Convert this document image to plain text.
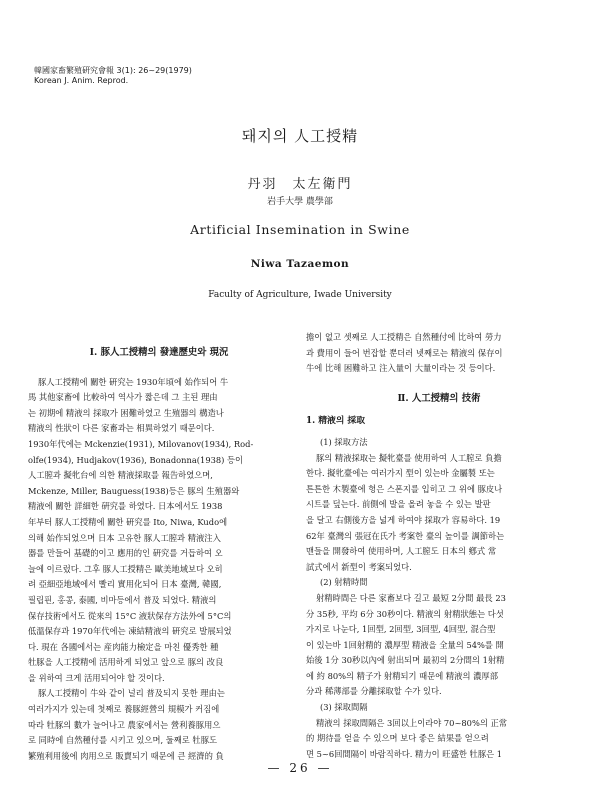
韓國家畜繁殖硏究會報 3(1): 26~29(1979)
Korean J. Anim. Reprod.
돼지의 人工授精
丹羽　太左衛門
岩手大學 農學部
Artificial Insemination in Swine
Niwa Tazaemon
Faculty of Agriculture, Iwade University

Ⅰ. 豚人工授精의 發達歷史와 現況

豚人工授精에 關한 硏究는 1930年頃에 始作되어 牛
馬 其他家畜에 比較하여 역사가 짧은데 그 主된 理由
는 初期에 精液의 採取가 困難하였고 生殖器의 構造나
精液의 性狀이 다른 家畜과는 相異하였기 때문이다.
1930年代에는 Mckenzie(1931), Milovanov(1934), Rod-
olfe(1934), Hudjakov(1936), Bonadonna(1938) 등이
人工膣과 擬牝台에 의한 精液採取를 報告하였으며,
Mckenze, Miller, Bauguess(1938)등은 豚의 生殖器와
精液에 關한 詳細한 硏究를 하였다. 日本에서도 1938
年부터 豚人工授精에 關한 硏究를 Ito, Niwa, Kudo에
의해 始作되었으며 日本 고유한 豚人工膣과 精液注入
器를 만들어 基礎的이고 應用的인 硏究를 거듭하여 오
늘에 이르렀다. 그후 豚人工授精은 歐美地域보다 오히
려 亞細亞地域에서 빨리 實用化되어 日本 臺灣, 韓國,
필립핀, 홍콩, 泰國, 비마등에서 普及 되었다. 精液의
保存技術에서도 從來의 15°C 液狀保存方法外에 5°C의
低溫保存과 1970年代에는 凍結精液의 硏究로 발展되었
다. 現在 各國에서는 産肉能力檢定을 마친 優秀한 種
牡豚을 人工授精에 活用하게 되었고 앞으로 豚의 改良
을 위하여 크게 活用되어야 할 것이다.
豚人工授精이 牛와 같이 널리 普及되지 못한 理由는
여러가지가 있는데 첫째로 養豚經營의 規模가 커짐에
따라 牡豚의 數가 늘어나고 農家에서는 營利養豚用으
로 同時에 自然種付를 시키고 있으며, 둘째로 牡豚도
繁殖利用後에 肉用으로 販賣되기 때문에 큰 經濟的 負
擔이 없고 셋째로 人工授精은 自然種付에 比하여 勞力
과 費用이 들어 번잡할 뿐더러 넷째로는 精液의 保存이
牛에 比해 困難하고 注入量이 大量이라는 것 등이다.

Ⅱ. 人工授精의 技術

1. 精液의 採取

(1) 採取方法

豚의 精液採取는 擬牝臺를 使用하여 人工膣로 負擔
한다. 擬牝臺에는 여러가지 型이 있는바 金屬製 또는
튼튼한 木製臺에 헝은 스폰지를 입히고 그 위에 豚皮나
시트를 덮는다. 前側에 발을 올려 놓을 수 있는 발판
을 달고 右側後方을 넓게 하여야 採取가 容易하다. 19
62年 臺灣의 張冠在氏가 考案한 臺의 높이를 調節하는
맨들을 開發하여 使用하며, 人工膣도 日本의 鄕式 常
試式에서 新型이 考案되었다.

(2) 射精時間

射精時間은 다른 家畜보다 길고 最短 2分間 最長 23
分 35秒, 平均 6分 30秒이다. 精液의 射精狀態는 다섯
가지로 나눈다, 1回型, 2回型, 3回型, 4回型, 混合型
이 있는바 1回射精的 濃厚型 精液을 全量의 54%를 開
始後 1分 30秒以內에 射出되며 最初의 2分間의 1射精
에 約 80%의 精子가 射精되기 때문에 精液의 濃厚部
分과 稀薄部를 分離採取할 수가 있다.

(3) 採取間隔

精液의 採取間隔은 3回以上이라야 70~80%의 正常
的 期待를 얻을 수 있으며 보다 좋은 結果를 얻으려
면 5~6回間隔이 바람직하다. 精力이 旺盛한 牡豚은 1
— 26 —
